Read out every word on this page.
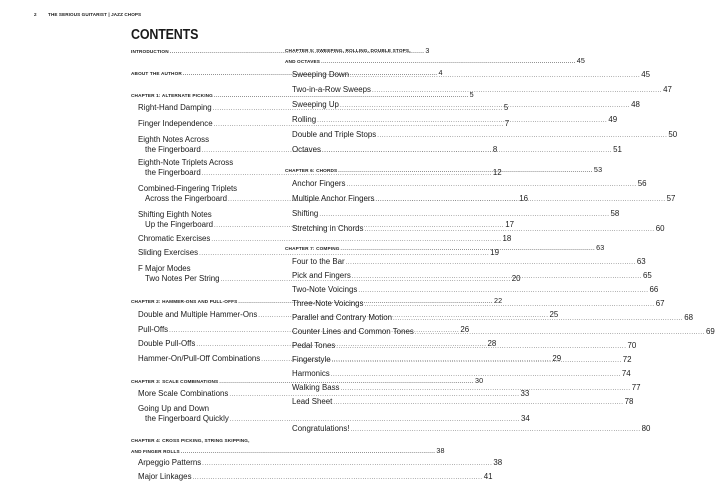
2 THE SERIOUS GUITARIST | JAZZ CHOPS
CONTENTS
INTRODUCTION .....	3
ABOUT THE AUTHOR .....	4
CHAPTER 1: ALTERNATE PICKING .....	5
Right-Hand Damping .....	5
Finger Independence .....	7
Eighth Notes Across
the Fingerboard .....	8
Eighth-Note Triplets Across
the Fingerboard .....	12
Combined-Fingering Triplets
Across the Fingerboard .....	16
Shifting Eighth Notes
Up the Fingerboard .....	17
Chromatic Exercises .....	18
Sliding Exercises .....	19
F Major Modes
Two Notes Per String .....	20
CHAPTER 2: HAMMER-ONS AND PULL-OFFS .....	22
Double and Multiple Hammer-Ons .....	25
Pull-Offs .....	26
Double Pull-Offs .....	28
Hammer-On/Pull-Off Combinations .....	29
CHAPTER 3: SCALE COMBINATIONS .....	30
More Scale Combinations .....	33
Going Up and Down
the Fingerboard Quickly .....	34
CHAPTER 4: CROSS PICKING, STRING SKIPPING,
AND FINGER ROLLS .....	38
Arpeggio Patterns .....	38
Major Linkages .....	41
CHAPTER 5: SWEEPING, ROLLING, DOUBLE STOPS,
AND OCTAVES .....	45
Sweeping Down .....	45
Two-in-a-Row Sweeps .....	47
Sweeping Up .....	48
Rolling .....	49
Double and Triple Stops .....	50
Octaves .....	51
CHAPTER 6: CHORDS .....	53
Anchor Fingers .....	56
Multiple Anchor Fingers .....	57
Shifting .....	58
Stretching in Chords .....	60
CHAPTER 7: COMPING .....	63
Four to the Bar .....	63
Pick and Fingers .....	65
Two-Note Voicings .....	66
Three-Note Voicings .....	67
Parallel and Contrary Motion .....	68
Counter Lines and Common Tones .....	69
Pedal Tones .....	70
Fingerstyle .....	72
Harmonics .....	74
Walking Bass .....	77
Lead Sheet .....	78
Congratulations! .....	80
